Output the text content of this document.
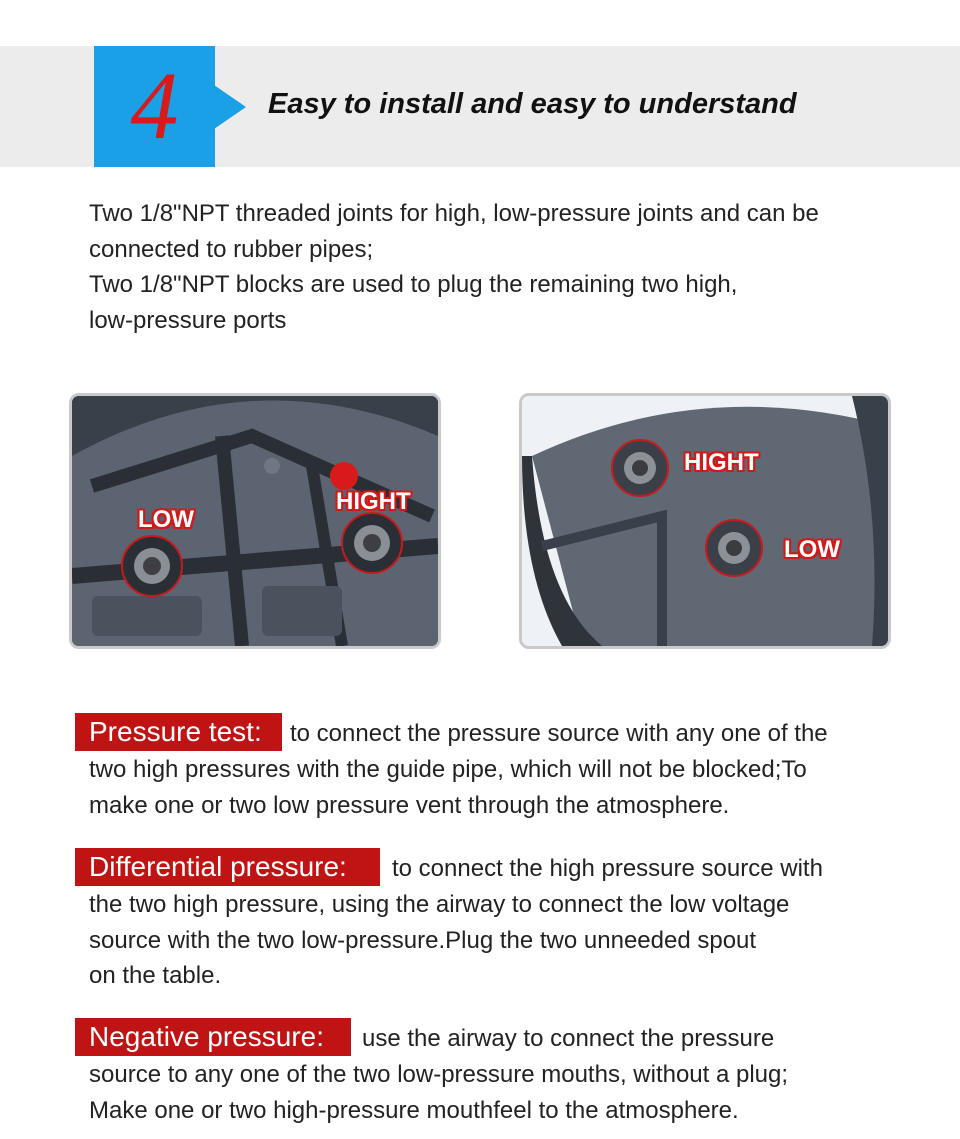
4	Easy to install and easy to understand

Two 1/8"NPT threaded joints for high, low-pressure joints and can be

connected to rubber pipes;

Two 1/8"NPT blocks are used to plug the remaining two high,

low-pressure ports

LOW
HIGHT
HIGHT
LOW
Pressure test:	to connect the pressure source with any one of the

two high pressures with the guide pipe, which will not be blocked;To

make one or two low pressure vent through the atmosphere.

Differential pressure:	to connect the high pressure source with

the two high pressure, using the airway to connect the low voltage

source with the two low-pressure.Plug the two unneeded spout

on the table.

Negative pressure:	use the airway to connect the pressure

source to any one of the two low-pressure mouths, without a plug;

Make one or two high-pressure mouthfeel to the atmosphere.
